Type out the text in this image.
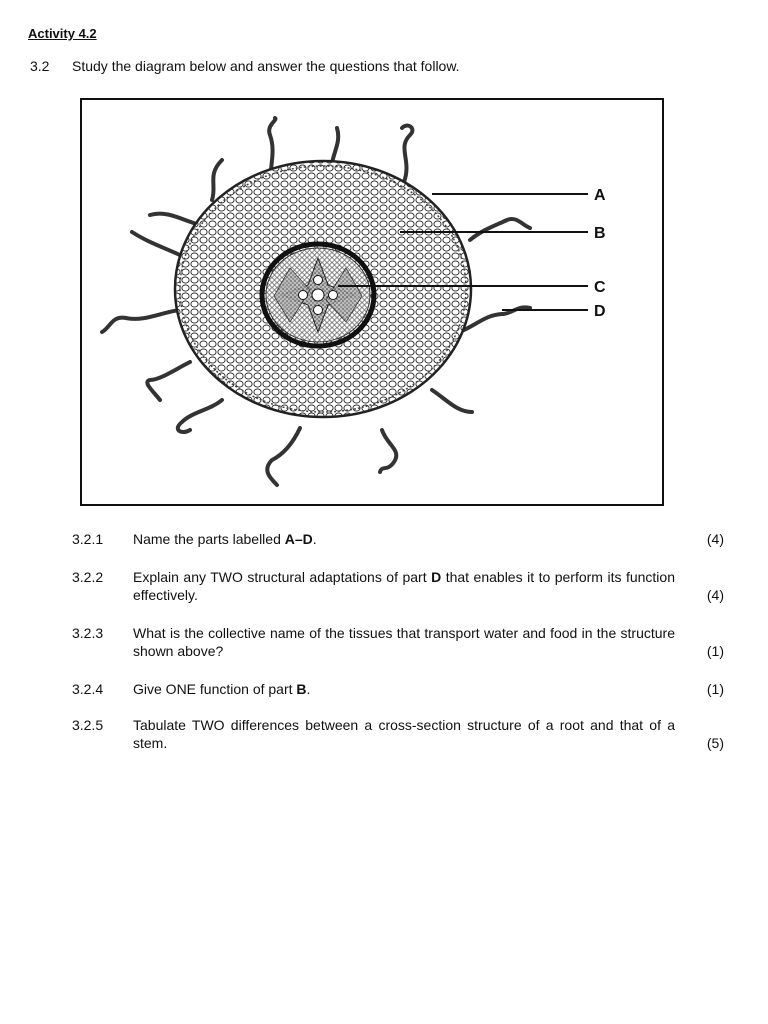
Activity 4.2
3.2 Study the diagram below and answer the questions that follow.
A
B
C
D
3.2.1	Name the parts labelled A–D.	(4)
3.2.2	Explain any TWO structural adaptations of part D that enables it to perform its function effectively.	(4)
3.2.3	What is the collective name of the tissues that transport water and food in the structure shown above?	(1)
3.2.4	Give ONE function of part B.	(1)
3.2.5	Tabulate TWO differences between a cross-section structure of a root and that of a stem.	(5)
